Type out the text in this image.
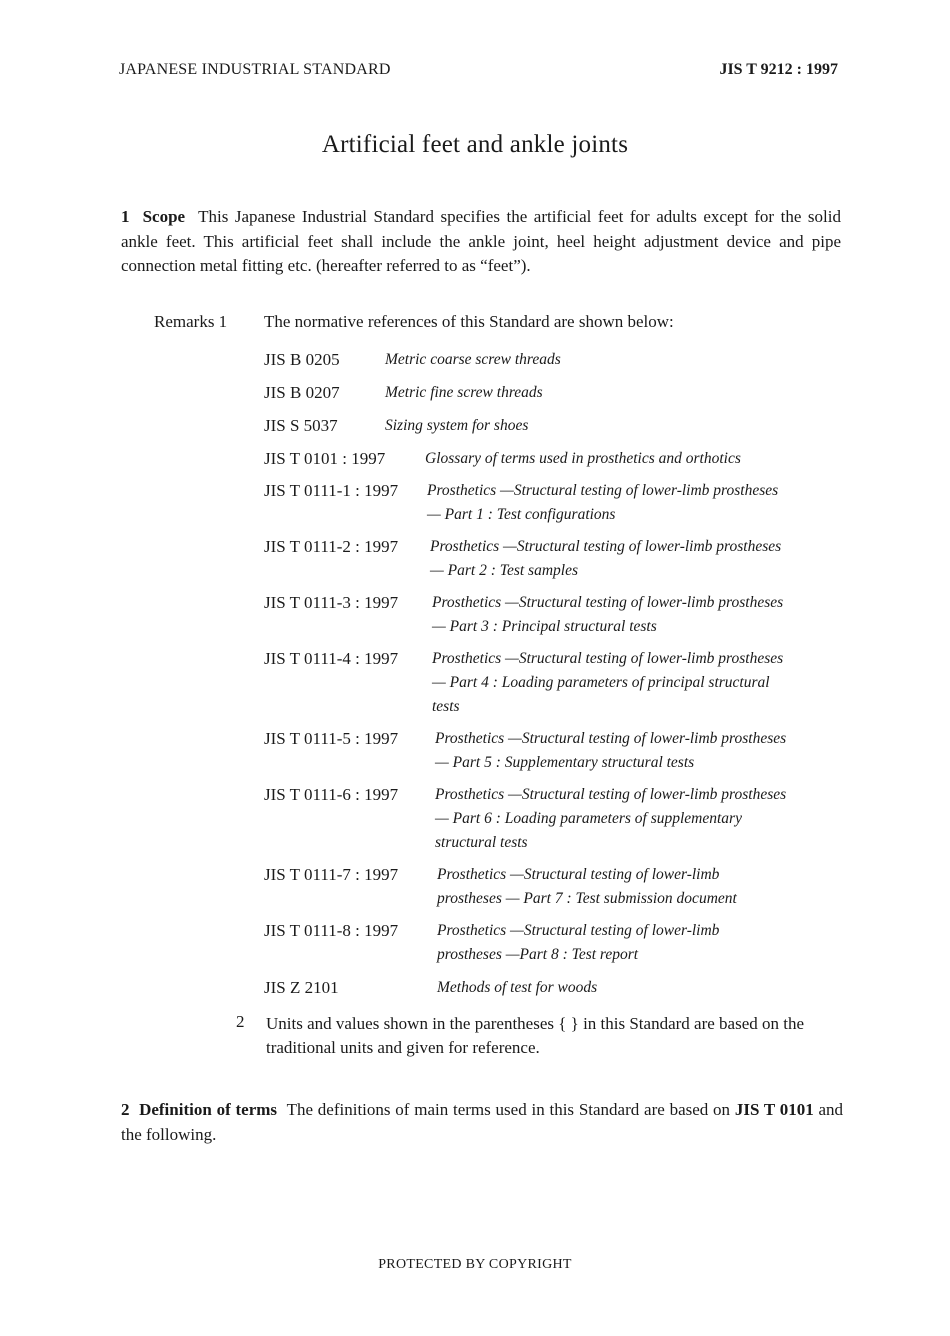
JAPANESE INDUSTRIAL STANDARD	JIS T 9212 : 1997
Artificial feet and ankle joints
1 Scope This Japanese Industrial Standard specifies the artificial feet for adults except for the solid ankle feet. This artificial feet shall include the ankle joint, heel height adjustment device and pipe connection metal fitting etc. (hereafter referred to as “feet”).
Remarks 1 The normative references of this Standard are shown below:
JIS B 0205	Metric coarse screw threads
JIS B 0207	Metric fine screw threads
JIS S 5037	Sizing system for shoes
JIS T 0101 : 1997	Glossary of terms used in prosthetics and orthotics
JIS T 0111-1 : 1997 Prosthetics —Structural testing of lower-limb prostheses
— Part 1 : Test configurations
JIS T 0111-2 : 1997 Prosthetics —Structural testing of lower-limb prostheses
— Part 2 : Test samples
JIS T 0111-3 : 1997 Prosthetics —Structural testing of lower-limb prostheses
— Part 3 : Principal structural tests
JIS T 0111-4 : 1997 Prosthetics —Structural testing of lower-limb prostheses
— Part 4 : Loading parameters of principal structural
tests
JIS T 0111-5 : 1997 Prosthetics —Structural testing of lower-limb prostheses
— Part 5 : Supplementary structural tests
JIS T 0111-6 : 1997 Prosthetics —Structural testing of lower-limb prostheses
— Part 6 : Loading parameters of supplementary
structural tests
JIS T 0111-7 : 1997	Prosthetics —Structural testing of lower-limb
prostheses — Part 7 : Test submission document
JIS T 0111-8 : 1997	Prosthetics —Structural testing of lower-limb
prostheses —Part 8 : Test report
JIS Z 2101	Methods of test for woods
2 Units and values shown in the parentheses { } in this Standard are based on the traditional units and given for reference.
2 Definition of terms The definitions of main terms used in this Standard are based on JIS T 0101 and the following.
PROTECTED BY COPYRIGHT
